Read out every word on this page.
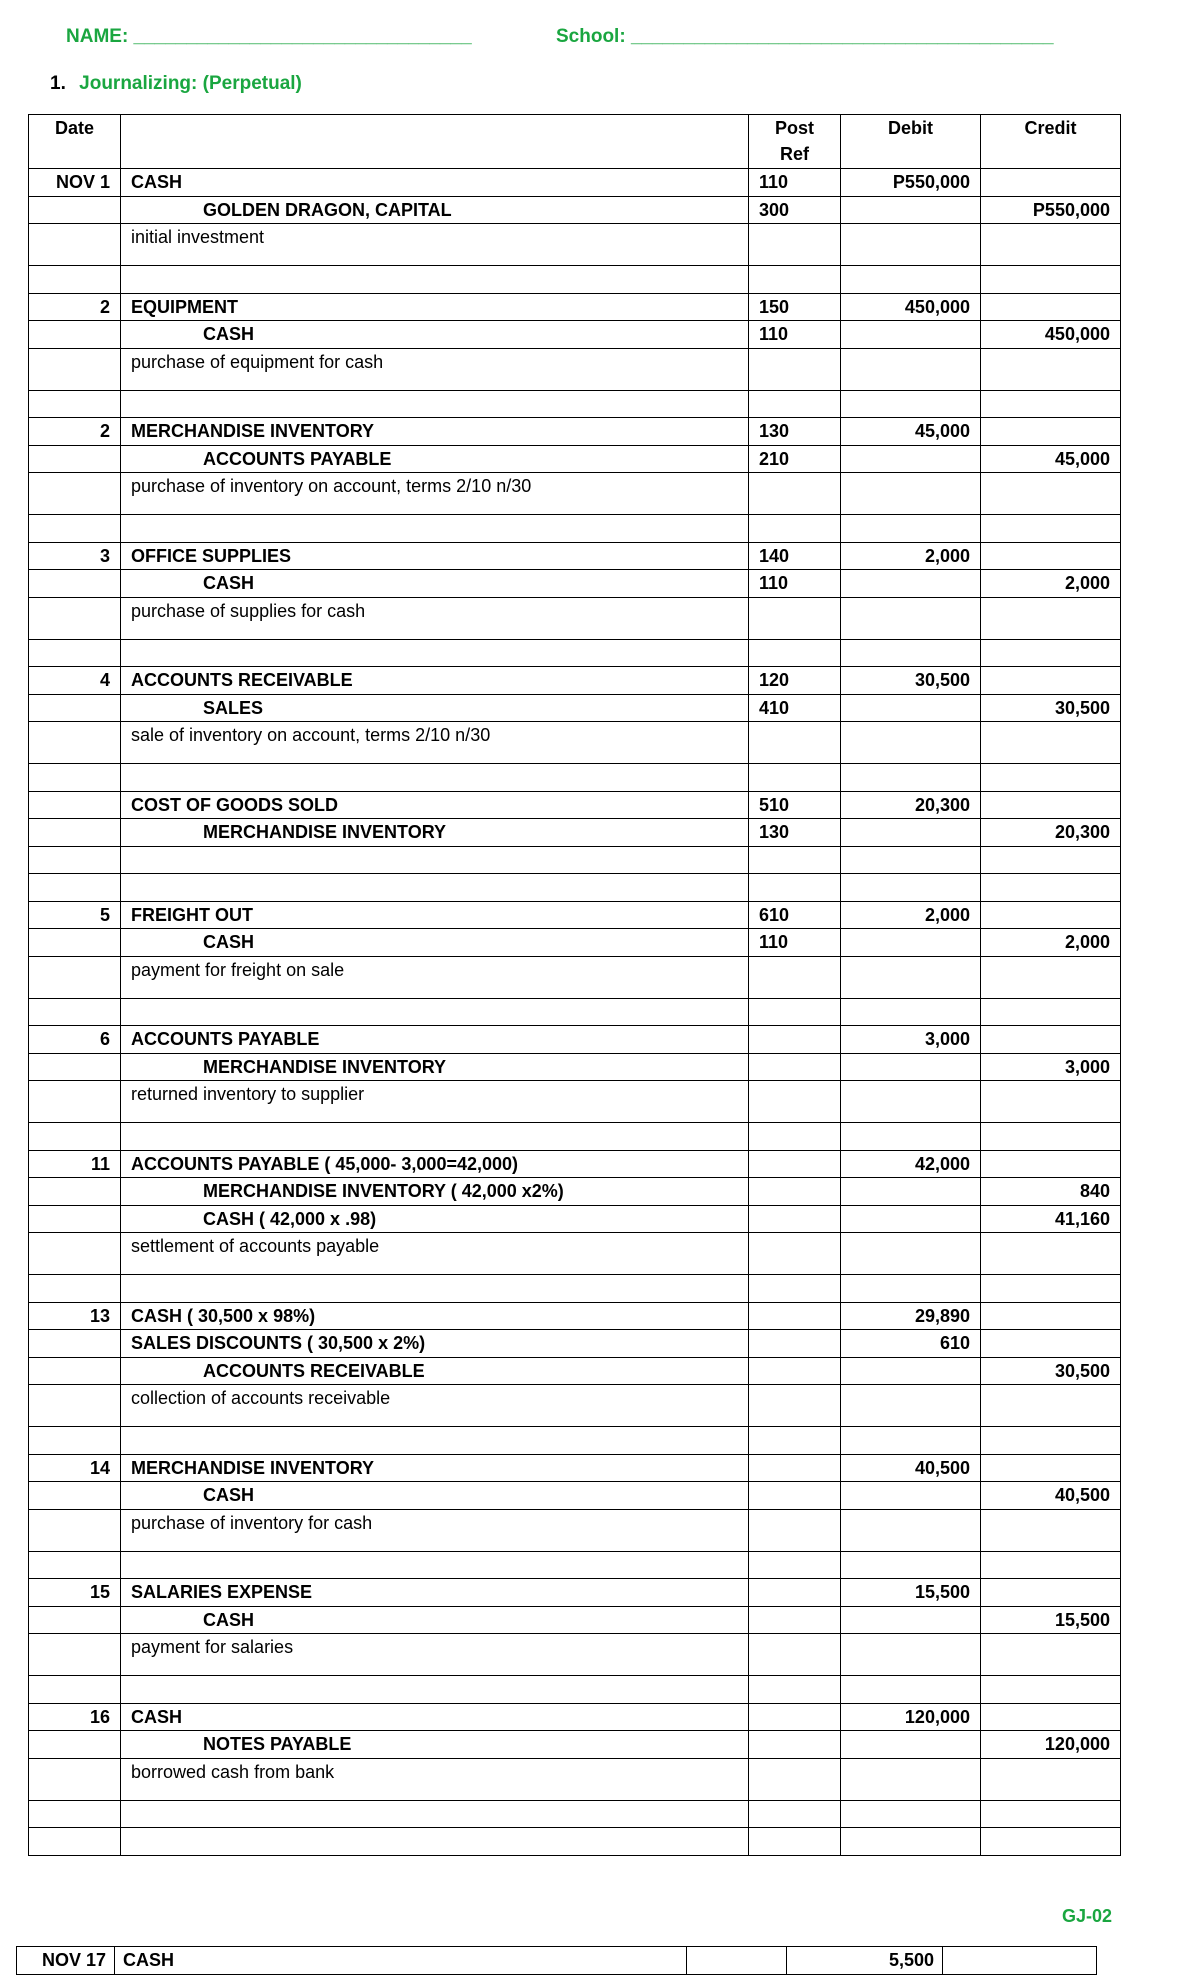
NAME: ________________________________	School: ________________________________________
1. Journalizing: (Perpetual)
Date		Post Ref	Debit	Credit
NOV 1	CASH	110	P550,000	
	GOLDEN DRAGON, CAPITAL	300		P550,000
	initial investment			

2	EQUIPMENT	150	450,000	
	CASH	110		450,000
	purchase of equipment for cash			

2	MERCHANDISE INVENTORY	130	45,000	
	ACCOUNTS PAYABLE	210		45,000
	purchase of inventory on account, terms 2/10 n/30			

3	OFFICE SUPPLIES	140	2,000	
	CASH	110		2,000
	purchase of supplies for cash			

4	ACCOUNTS RECEIVABLE	120	30,500	
	SALES	410		30,500
	sale of inventory on account, terms 2/10 n/30			

	COST OF GOODS SOLD	510	20,300	
	MERCHANDISE INVENTORY	130		20,300

5	FREIGHT OUT	610	2,000	
	CASH	110		2,000
	payment for freight on sale			

6	ACCOUNTS PAYABLE		3,000	
	MERCHANDISE INVENTORY			3,000
	returned inventory to supplier			

11	ACCOUNTS PAYABLE ( 45,000- 3,000=42,000)		42,000	
	MERCHANDISE INVENTORY ( 42,000 x2%)			840
	CASH ( 42,000 x .98)			41,160
	settlement of accounts payable			

13	CASH ( 30,500 x 98%)		29,890	
	SALES DISCOUNTS ( 30,500 x 2%)		610	
	ACCOUNTS RECEIVABLE			30,500
	collection of accounts receivable			

14	MERCHANDISE INVENTORY		40,500	
	CASH			40,500
	purchase of inventory for cash			

15	SALARIES EXPENSE		15,500	
	CASH			15,500
	payment for salaries			

16	CASH		120,000	
	NOTES PAYABLE			120,000
	borrowed cash from bank			

GJ-02
NOV 17	CASH		5,500	
